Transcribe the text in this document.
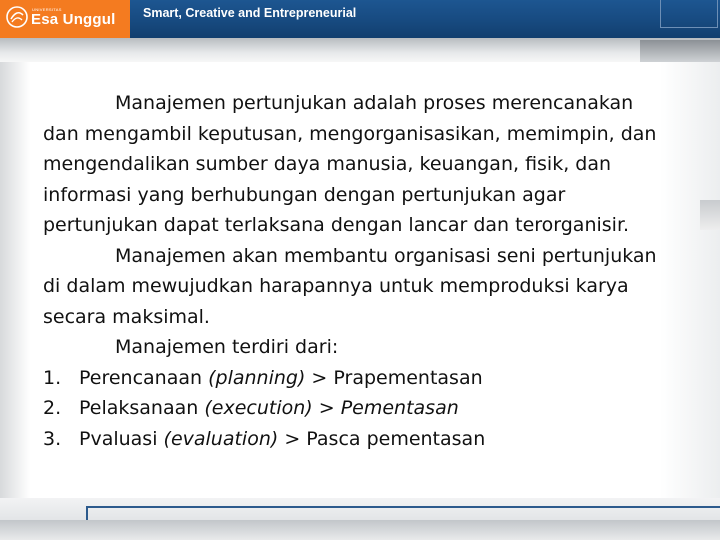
UNIVERSITAS
Esa Unggul Smart, Creative and Entrepreneurial
Manajemen pertunjukan adalah proses merencanakan
dan mengambil keputusan, mengorganisasikan, memimpin, dan
mengendalikan sumber daya manusia, keuangan, fisik, dan
informasi yang berhubungan dengan pertunjukan agar
pertunjukan dapat terlaksana dengan lancar dan terorganisir.
Manajemen akan membantu organisasi seni pertunjukan
di dalam mewujudkan harapannya untuk memproduksi karya
secara maksimal.
Manajemen terdiri dari:
1. Perencanaan (planning) > Prapementasan
2. Pelaksanaan (execution) > Pementasan
3. Pvaluasi (evaluation) > Pasca pementasan
